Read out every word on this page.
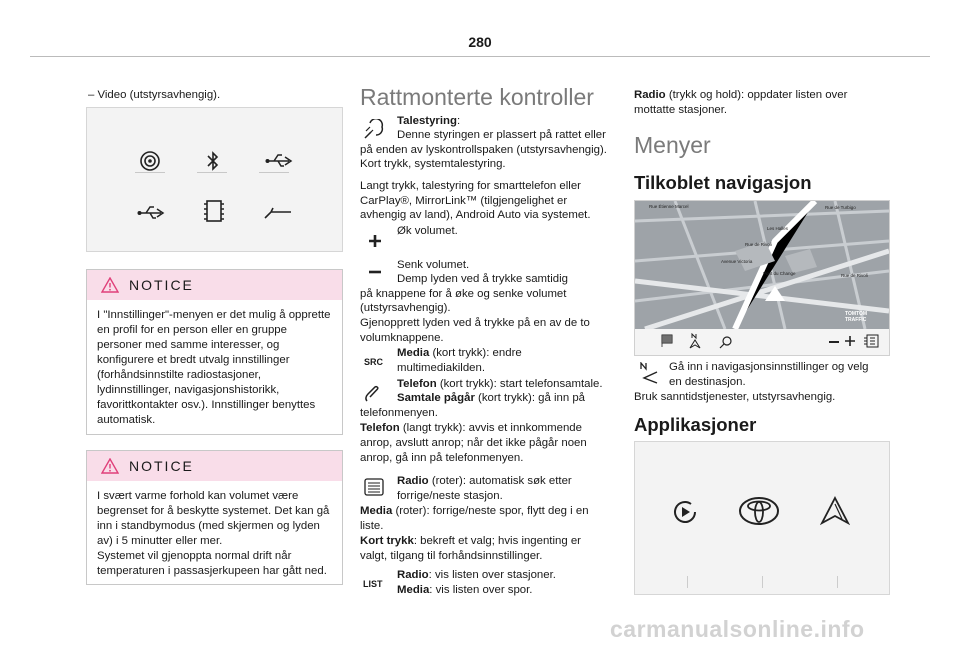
280
– Video (utstyrsavhengig).
NOTICE
I "Innstillinger"-menyen er det mulig å opprette en profil for en person eller en gruppe personer med samme interesser, og konfigurere et bredt utvalg innstillinger (forhåndsinnstilte radiostasjoner, lydinnstillinger, navigasjonshistorikk, favorittkontakter osv.). Innstillinger benyttes automatisk.
NOTICE
I svært varme forhold kan volumet være begrenset for å beskytte systemet. Det kan gå inn i standbymodus (med skjermen og lyden av) i 5 minutter eller mer.
Systemet vil gjenoppta normal drift når temperaturen i passasjerkupeen har gått ned.
Rattmonterte kontroller
Talestyring:
Denne styringen er plassert på rattet eller på enden av lyskontrollspaken (utstyrsavhengig).
Kort trykk, systemtalestyring.
Langt trykk, talestyring for smarttelefon eller
CarPlay®, MirrorLink™ (tilgjengelighet er
avhengig av land), Android Auto via systemet.
Øk volumet.
Senk volumet.
Demp lyden ved å trykke samtidig
på knappene for å øke og senke volumet
(utstyrsavhengig).
Gjenopprett lyden ved å trykke på en av de to
volumknappene.
SRC
Media (kort trykk): endre
multimediakilden.
Telefon (kort trykk): start telefonsamtale.
Samtale pågår (kort trykk): gå inn på
telefonmenyen.
Telefon (langt trykk): avvis et innkommende
anrop, avslutt anrop; når det ikke pågår noen
anrop, gå inn på telefonmenyen.
Radio (roter): automatisk søk etter
forrige/neste stasjon.
Media (roter): forrige/neste spor, flytt deg i en
liste.
Kort trykk: bekreft et valg; hvis ingenting er
valgt, tilgang til forhåndsinnstillinger.
LIST
Radio: vis listen over stasjoner.
Media: vis listen over spor.
Radio (trykk og hold): oppdater listen over
mottatte stasjoner.
Menyer
Tilkoblet navigasjon
Rue Étienne Marcel	Rue de Turbigo
Les Halles
Rue de Rivoli
Avenue Victoria
Pont du Change	Rue de Rivoli
TOMTOM TRAFFIC
Gå inn i navigasjonsinnstillinger og velg
en destinasjon.
Bruk sanntidstjenester, utstyrsavhengig.
Applikasjoner
carmanualsonline.info
